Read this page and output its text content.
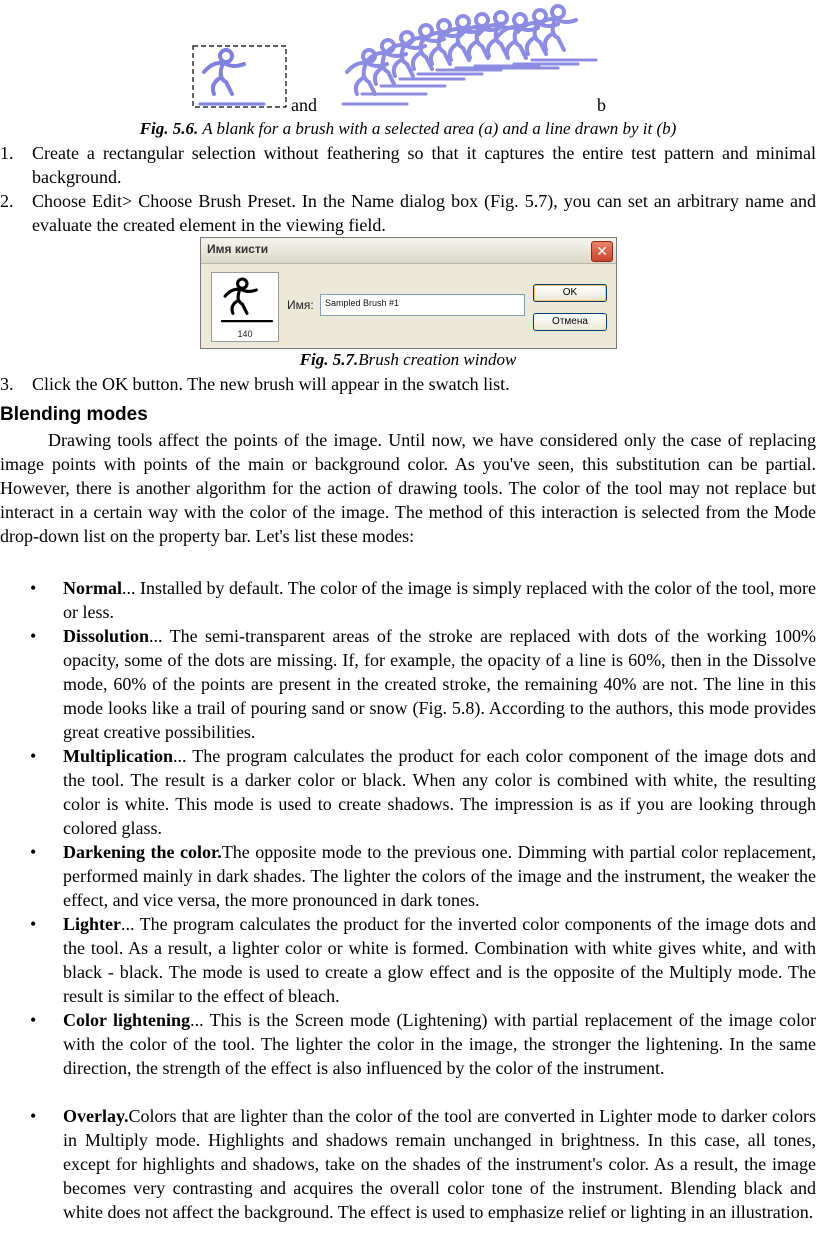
and	b
Fig. 5.6. A blank for a brush with a selected area (a) and a line drawn by it (b)
1.	Create a rectangular selection without feathering so that it captures the entire test pattern and minimal background.
2.	Choose Edit> Choose Brush Preset. In the Name dialog box (Fig. 5.7), you can set an arbitrary name and evaluate the created element in the viewing field.
Имя кисти	✕
140
Имя:	Sampled Brush #1
OK
Отмена
Fig. 5.7.Brush creation window
3.	Click the OK button. The new brush will appear in the swatch list.
Blending modes
Drawing tools affect the points of the image. Until now, we have considered only the case of replacing image points with points of the main or background color. As you've seen, this substitution can be partial. However, there is another algorithm for the action of drawing tools. The color of the tool may not replace but interact in a certain way with the color of the image. The method of this interaction is selected from the Mode drop-down list on the property bar. Let's list these modes:
•	Normal... Installed by default. The color of the image is simply replaced with the color of the tool, more or less.
•	Dissolution... The semi-transparent areas of the stroke are replaced with dots of the working 100% opacity, some of the dots are missing. If, for example, the opacity of a line is 60%, then in the Dissolve mode, 60% of the points are present in the created stroke, the remaining 40% are not. The line in this mode looks like a trail of pouring sand or snow (Fig. 5.8). According to the authors, this mode provides great creative possibilities.
•	Multiplication... The program calculates the product for each color component of the image dots and the tool. The result is a darker color or black. When any color is combined with white, the resulting color is white. This mode is used to create shadows. The impression is as if you are looking through colored glass.
•	Darkening the color.The opposite mode to the previous one. Dimming with partial color replacement, performed mainly in dark shades. The lighter the colors of the image and the instrument, the weaker the effect, and vice versa, the more pronounced in dark tones.
•	Lighter... The program calculates the product for the inverted color components of the image dots and the tool. As a result, a lighter color or white is formed. Combination with white gives white, and with black - black. The mode is used to create a glow effect and is the opposite of the Multiply mode. The result is similar to the effect of bleach.
•	Color lightening... This is the Screen mode (Lightening) with partial replacement of the image color with the color of the tool. The lighter the color in the image, the stronger the lightening. In the same direction, the strength of the effect is also influenced by the color of the instrument.
•	Overlay.Colors that are lighter than the color of the tool are converted in Lighter mode to darker colors in Multiply mode. Highlights and shadows remain unchanged in brightness. In this case, all tones, except for highlights and shadows, take on the shades of the instrument's color. As a result, the image becomes very contrasting and acquires the overall color tone of the instrument. Blending black and white does not affect the background. The effect is used to emphasize relief or lighting in an illustration.
